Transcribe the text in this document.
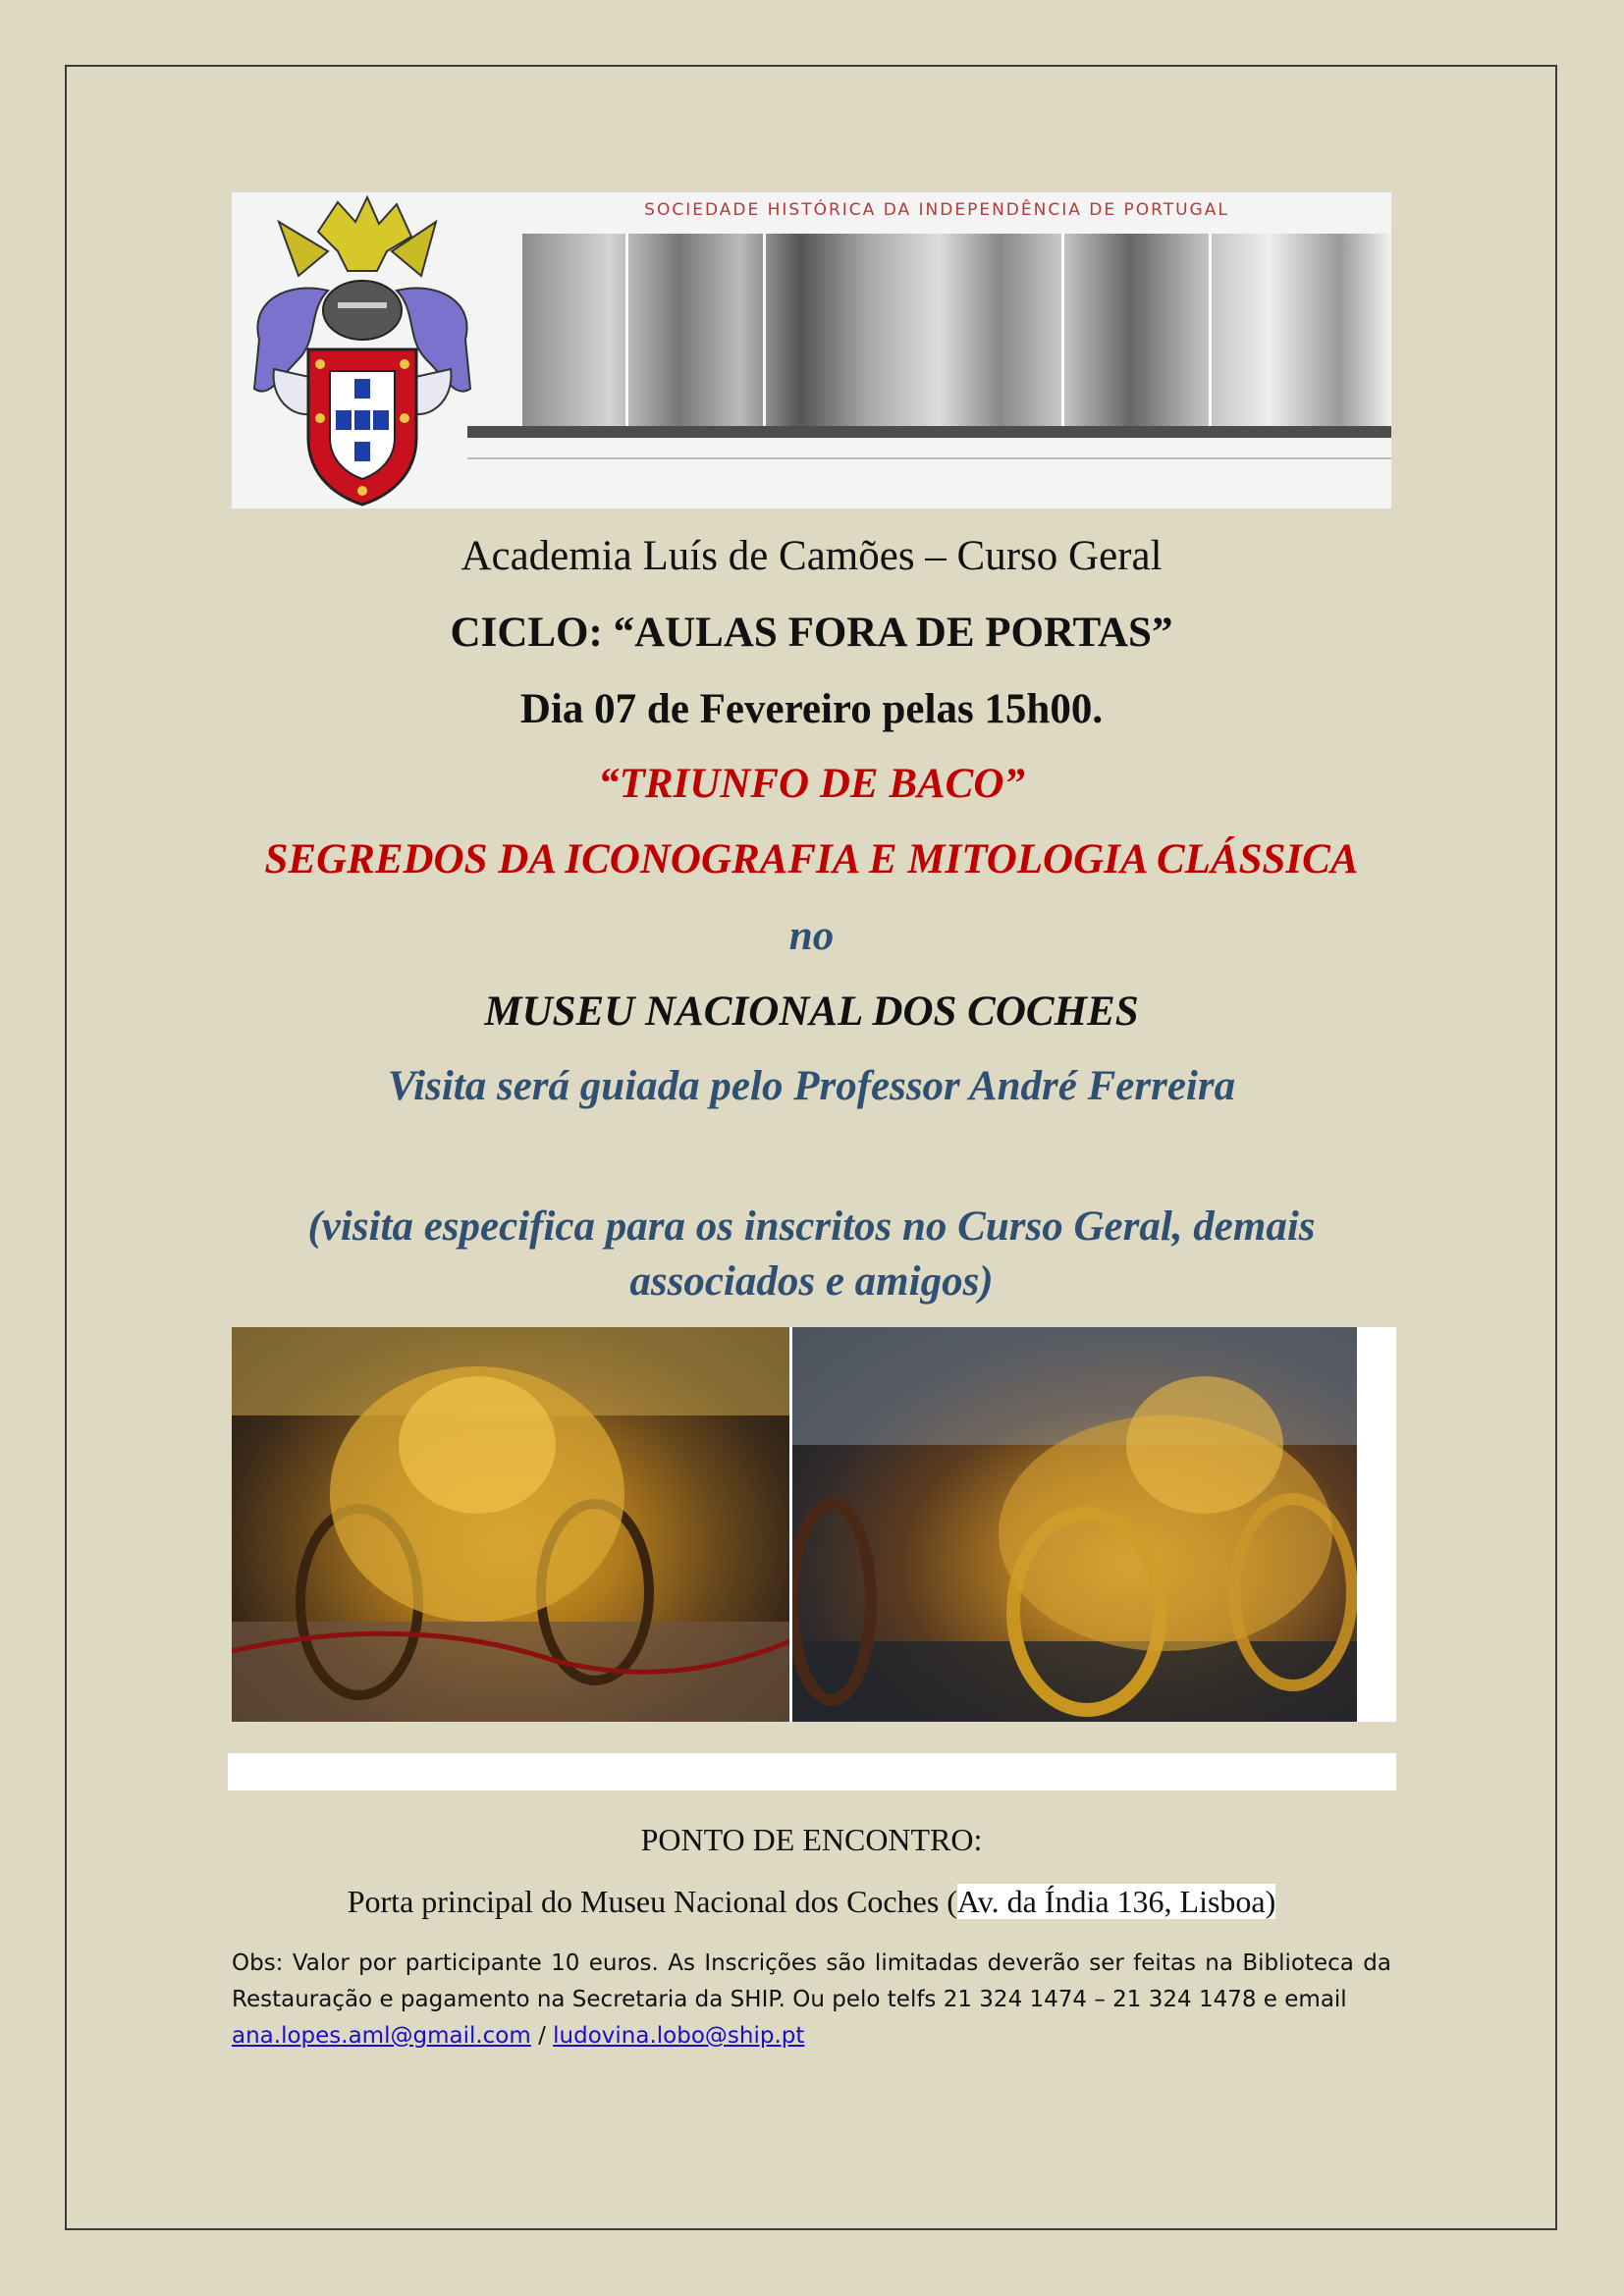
SOCIEDADE HISTÓRICA DA INDEPENDÊNCIA DE PORTUGAL
Academia Luís de Camões – Curso Geral
CICLO: “AULAS FORA DE PORTAS”
Dia 07 de Fevereiro pelas 15h00.
“TRIUNFO DE BACO”
SEGREDOS DA ICONOGRAFIA E MITOLOGIA CLÁSSICA
no
MUSEU NACIONAL DOS COCHES
Visita será guiada pelo Professor André Ferreira
(visita especifica para os inscritos no Curso Geral, demais associados e amigos)
PONTO DE ENCONTRO:
Porta principal do Museu Nacional dos Coches (Av. da Índia 136, Lisboa)
Obs: Valor por participante 10 euros. As Inscrições são limitadas deverão ser feitas na Biblioteca da Restauração e pagamento na Secretaria da SHIP. Ou pelo telfs 21 324 1474 – 21 324 1478 e email
ana.lopes.aml@gmail.com / ludovina.lobo@ship.pt
